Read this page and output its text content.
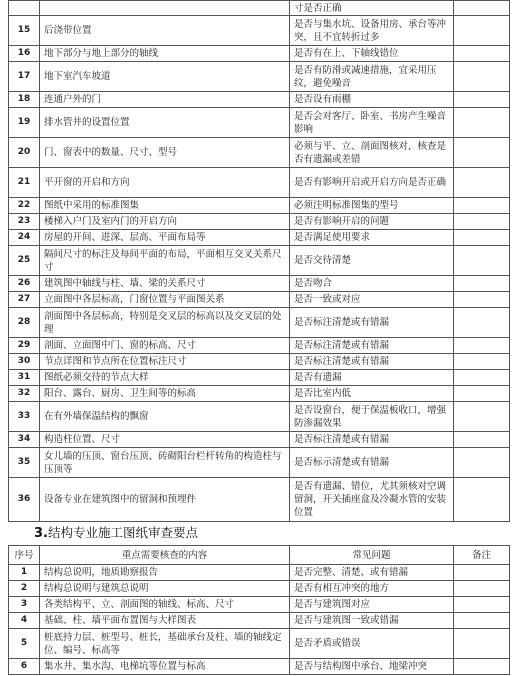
		寸是否正确	
15	后浇带位置	是否与集水坑、设备用房、承台等冲突，且不宜转折过多	
16	地下部分与地上部分的轴线	是否有在上、下轴线错位	
17	地下室汽车坡道	是否有防滑或减速措施，宜采用压纹，避免噪音	
18	连通户外的门	是否设有雨棚	
19	排水管井的设置位置	是否会对客厅、卧室、书房产生噪音影响	
20	门、窗表中的数量、尺寸、型号	必须与平、立、剖面图核对，核查是否有遗漏或差错	
21	平开窗的开启和方向	是否有影响开启或开启方向是否正确	
22	图纸中采用的标准图集	必须注明标准图集的型号	
23	楼梯入户门及室内门的开启方向	是否有影响开启的问题	
24	房屋的开间、进深、层高、平面布局等	是否满足使用要求	
25	隔间尺寸的标注及每间平面的布局，平面相互交叉关系尺寸	是否交待清楚	
26	建筑图中轴线与柱、墙、梁的关系尺寸	是否吻合	
27	立面图中各层标高，门窗位置与平面图关系	是否一致或对应	
28	剖面图中各层标高，特别是交叉层的标高以及交叉层的处理	是否标注清楚或有错漏	
29	剖面、立面图中门、窗的标高、尺寸	是否标注清楚或有错漏	
30	节点详图和节点所在位置标注尺寸	是否标注清楚或有错漏	
31	图纸必须交待的节点大样	是否有遗漏	
32	阳台、露台、厨房、卫生间等的标高	是否比室内低	
33	在有外墙保温结构的飘窗	是否设窗台，便于保温板收口，增强防渗漏效果	
34	构造柱位置、尺寸	是否标注清楚或有错漏	
35	女儿墙的压顶、窗台压顶、砖砌阳台栏杆转角的构造柱与压顶等	是否标示清楚或有错漏	
36	设备专业在建筑图中的留洞和预埋件	是否有遗漏、错位，尤其须核对空调留洞，开关插座盒及冷凝水管的安装位置	
3.结构专业施工图纸审查要点
序号	重点需要核查的内容	常见问题	备注
1	结构总说明，地质勘察报告	是否完整、清楚、或有错漏	
2	结构总说明与建筑总说明	是否有相互冲突的地方	
3	各类结构平、立、剖面图的轴线、标高、尺寸	是否与建筑图对应	
4	基础、柱、墙平面布置图与大样图表	是否与建筑图一致或错漏	
5	桩底持力层、桩型号、桩长，基础承台及柱、墙的轴线定位、编号、标高等	是否矛盾或错误	
6	集水井、集水沟、电梯坑等位置与标高	是否与结构图中承台、地梁冲突	
